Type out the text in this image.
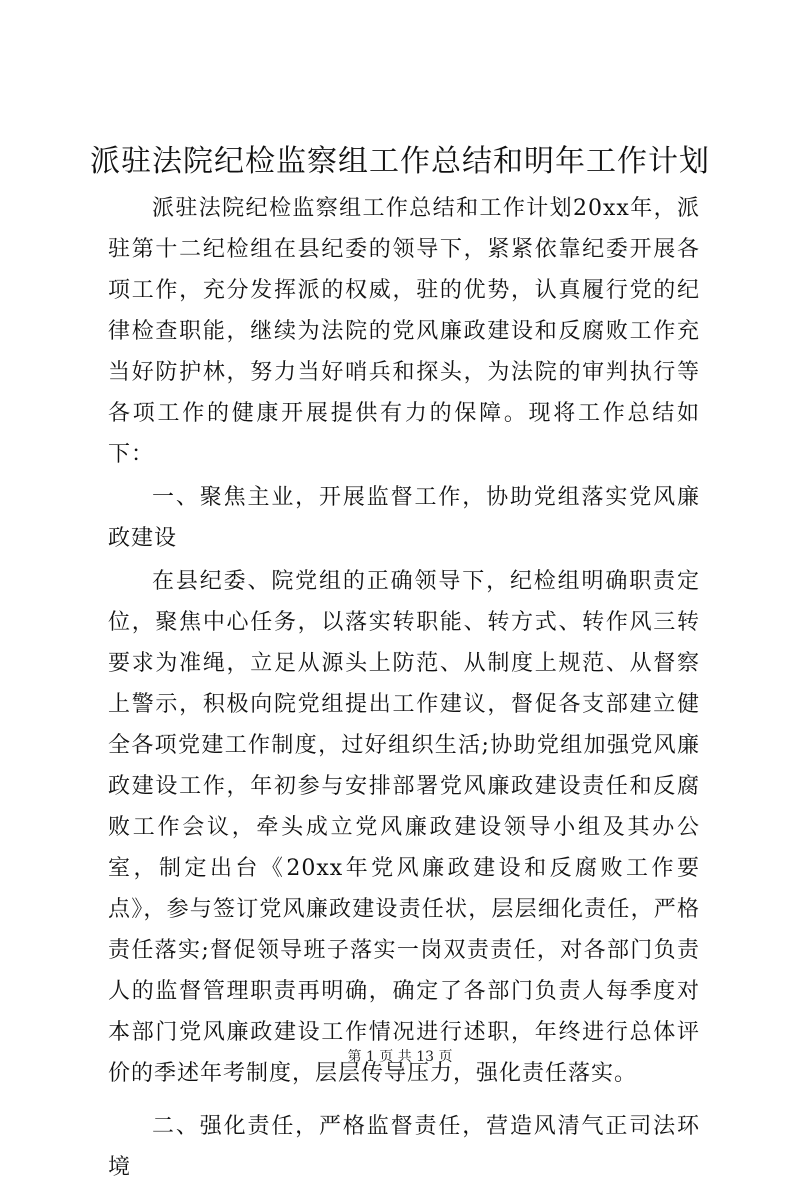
派驻法院纪检监察组工作总结和明年工作计划

派驻法院纪检监察组工作总结和工作计划20xx年，派驻第十二纪检组在县纪委的领导下，紧紧依靠纪委开展各项工作，充分发挥派的权威，驻的优势，认真履行党的纪律检查职能，继续为法院的党风廉政建设和反腐败工作充当好防护林，努力当好哨兵和探头，为法院的审判执行等各项工作的健康开展提供有力的保障。现将工作总结如下：

一、聚焦主业，开展监督工作，协助党组落实党风廉政建设

在县纪委、院党组的正确领导下，纪检组明确职责定位，聚焦中心任务，以落实转职能、转方式、转作风三转要求为准绳，立足从源头上防范、从制度上规范、从督察上警示，积极向院党组提出工作建议，督促各支部建立健全各项党建工作制度，过好组织生活;协助党组加强党风廉政建设工作，年初参与安排部署党风廉政建设责任和反腐败工作会议，牵头成立党风廉政建设领导小组及其办公室，制定出台《20xx年党风廉政建设和反腐败工作要点》，参与签订党风廉政建设责任状，层层细化责任，严格责任落实;督促领导班子落实一岗双责责任，对各部门负责人的监督管理职责再明确，确定了各部门负责人每季度对本部门党风廉政建设工作情况进行述职，年终进行总体评价的季述年考制度，层层传导压力，强化责任落实。

二、强化责任，严格监督责任，营造风清气正司法环境

第 1 页 共 13 页
